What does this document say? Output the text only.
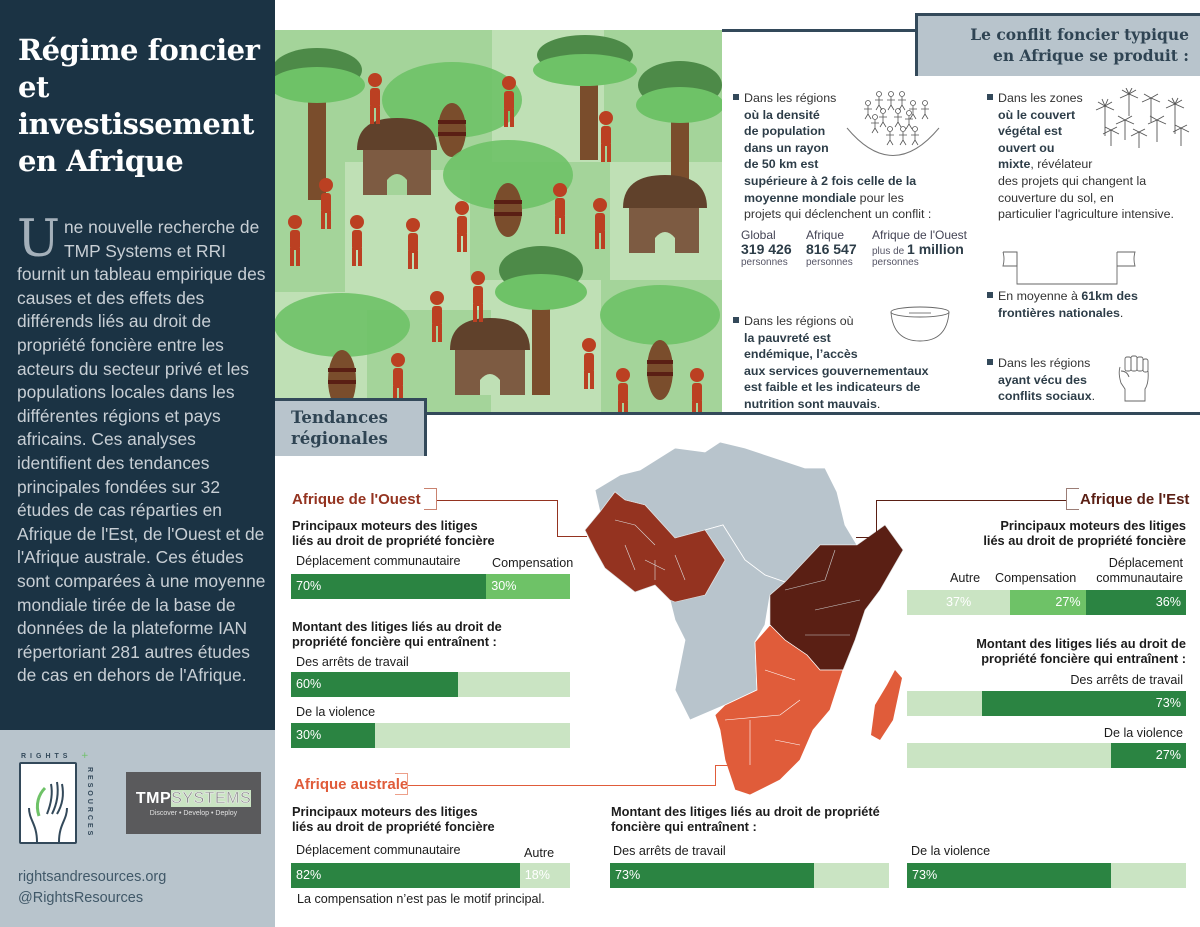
Régime foncier et investissement en Afrique
Une nouvelle recherche de TMP Systems et RRI fournit un tableau empirique des causes et des effets des différends liés au droit de propriété foncière entre les acteurs du secteur privé et les populations locales dans les différentes régions et pays africains. Ces analyses identifient des tendances principales fondées sur 32 études de cas réparties en Afrique de l'Est, de l'Ouest et de l'Afrique australe. Ces études sont comparées à une moyenne mondiale tirée de la base de données de la plateforme IAN répertoriant 281 autres études de cas en dehors de l'Afrique.
RIGHTS +
RESOURCES	TMPSYSTEMS
Discover • Develop • Deploy
rightsandresources.org
@RightsResources
Le conflit foncier typique
en Afrique se produit :
Tendances
régionales
Dans les régions
où la densité
de population
dans un rayon
de 50 km est
supérieure à 2 fois celle de la
moyenne mondiale pour les
projets qui déclenchent un conflit :
Global
319 426
personnes
Afrique
816 547
personnes
Afrique de l'Ouest
plus de 1 million
personnes
Dans les zones
où le couvert
végétal est
ouvert ou
mixte, révélateur
des projets qui changent la
couverture du sol, en
particulier l'agriculture intensive.
En moyenne à 61km des
frontières nationales.
Dans les régions où
la pauvreté est
endémique, l’accès
aux services gouvernementaux
est faible et les indicateurs de
nutrition sont mauvais.
Dans les régions
ayant vécu des
conflits sociaux.
Afrique de l'Ouest
Principaux moteurs des litiges
liés au droit de propriété foncière
Déplacement communautaire	Compensation
70%	30%
Montant des litiges liés au droit de
propriété foncière qui entraînent :
Des arrêts de travail
60%
De la violence
30%
Afrique de l'Est
Principaux moteurs des litiges
liés au droit de propriété foncière
Autre Compensation
Déplacement
communautaire
37%	27%	36%
Montant des litiges liés au droit de
propriété foncière qui entraînent :
Des arrêts de travail
73%
De la violence
27%
Afrique australe
Principaux moteurs des litiges
liés au droit de propriété foncière
Déplacement communautaire	Autre
82%	18%
La compensation n’est pas le motif principal.
Montant des litiges liés au droit de propriété
foncière qui entraînent :
Des arrêts de travail
73%
De la violence
73%
